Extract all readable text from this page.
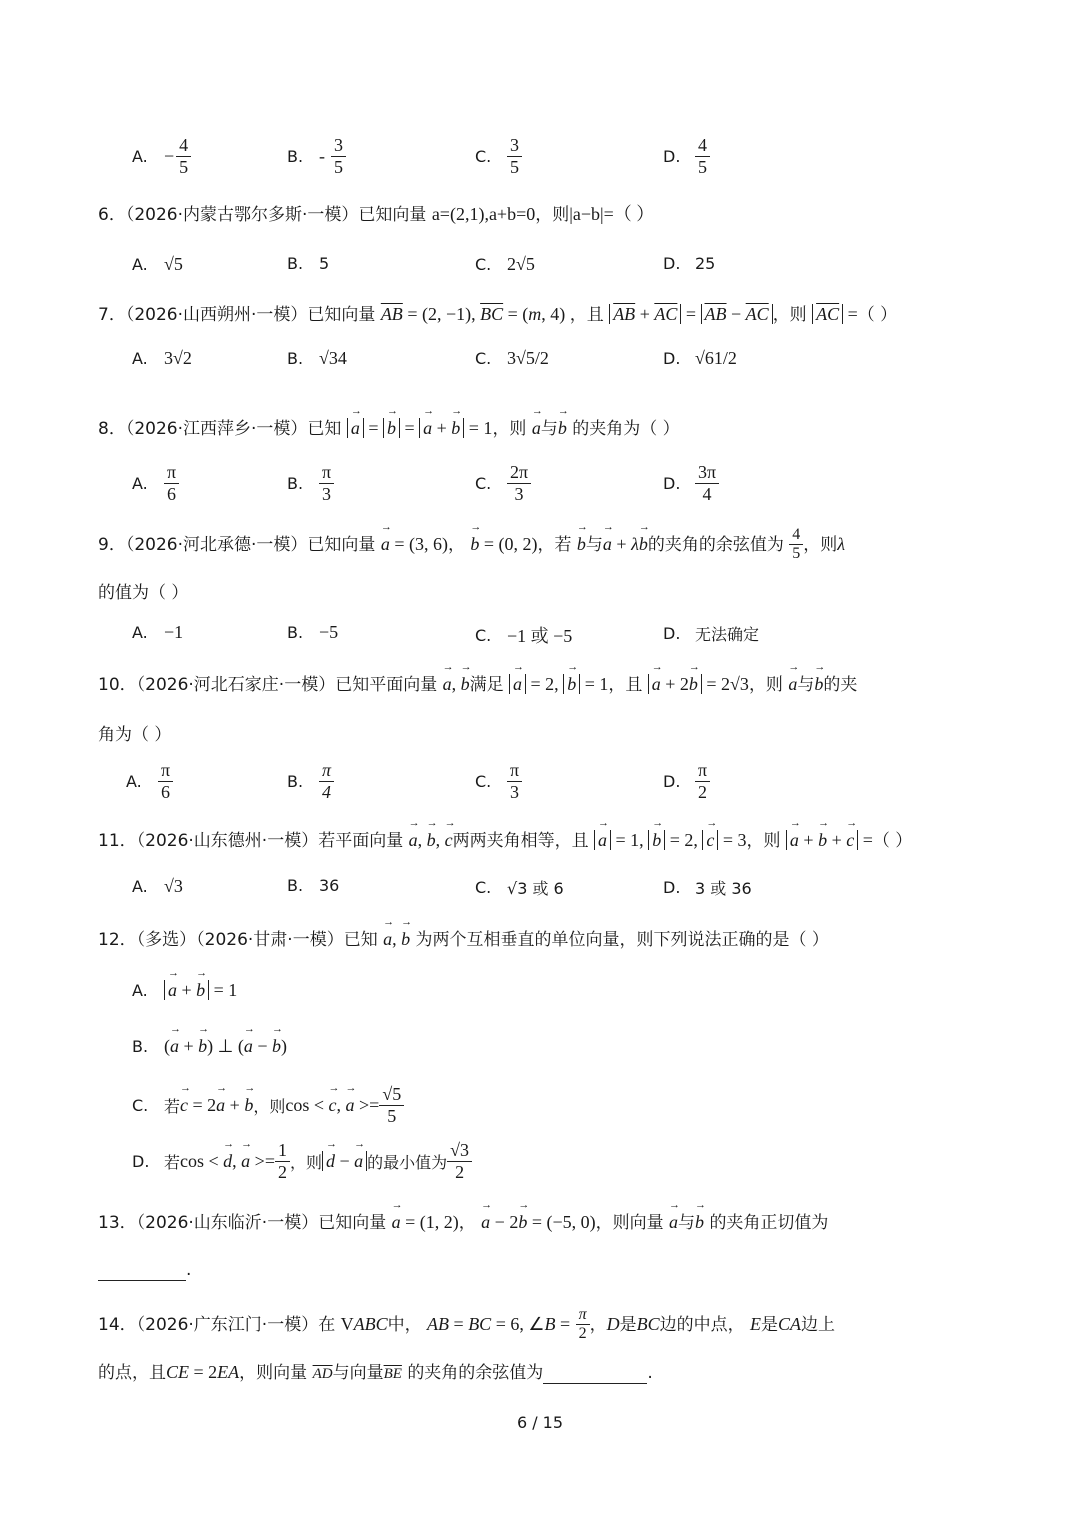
A. − $\frac{4}{5}$	B. - $\frac{3}{5}$	C. $\frac{3}{5}$	D. $\frac{4}{5}$
6．（2026·内蒙古鄂尔多斯·一模）已知向量 a=(2,1),a+b=0，则|a−b|=（ ）
A. √5	B. 5	C. 2√5	D. 25
7．（2026·山西朔州·一模）已知向量 $\overline{AB} = (2$, −1), $\overline{BC} = (m$, 4) ，且 $\overline{AB} + \overline{AC} = \overline{AB} - \overline{AC}$ ，则 $\overline{AC}$ =（ ）
A. 3√2	B. √34	C. 3√5/2	D. √61/2
8．（2026·江西萍乡·一模）已知 → a = → b = → a + → b = 1，则 → a与→ b 的夹角为（ ）
A. $\frac{\pi}{6}$	B. $\frac{\pi}{3}$	C. $\frac{2\pi}{3}$	D. $\frac{3\pi}{4}$
9．（2026·河北承德·一模）已知向量 → a = (3, 6)， → b = (0, 2)，若 → b与→ a + λ→ b的夹角的余弦值为 $\frac{4}{5}$ ，则λ
的值为（ ）
A. −1	B. −5	C. −1 或 −5	D. 无法确定
10．（2026·河北石家庄·一模）已知平面向量 → a, → b满足 → a = 2, → b = 1，且 → a + 2→ b = 2√3，则 → a与→ b的夹
角为（ ）
A. $\frac{\pi}{6}$	B. $\frac{\pi}{4}$	C. $\frac{\pi}{3}$	D. $\frac{\pi}{2}$
11．（2026·山东德州·一模）若平面向量 → a, → b, → c两两夹角相等，且 → a = 1, → b = 2, → c = 3，则 → a + → b + → c =（ ）
A. √3	B. 36	C. √3 或 6	D. 3 或 36
12．（多选）（2026·甘肃·一模）已知 → a, → b 为两个互相垂直的单位向量，则下列说法正确的是（ ）
A.	→ a + → b = 1
B. (→ a + → b) ⊥ (→ a − → b)
C. 若 → c = 2→ a + → b ，则 cos < → c, → $a >= \frac{√5}{5}$
D. 若 cos < → d, → $a >= \frac{1}{2}$ ，则 → d − → a 的最小值为 $\frac{√3}{2}$
13．（2026·山东临沂·一模）已知向量 → a = (1, 2)， → a − 2→ b = (−5, 0)，则向量 → a与→ b 的夹角正切值为
.
14．（2026·广东江门·一模）在 VABC中， AB = BC = 6, ∠B = $\frac{\pi}{2}$ ，D是BC边的中点， E是CA边上
的点，且CE = 2EA，则向量 $\overline{AD}$与向量$\overline{BE}$ 的夹角的余弦值为	.
6 / 15
